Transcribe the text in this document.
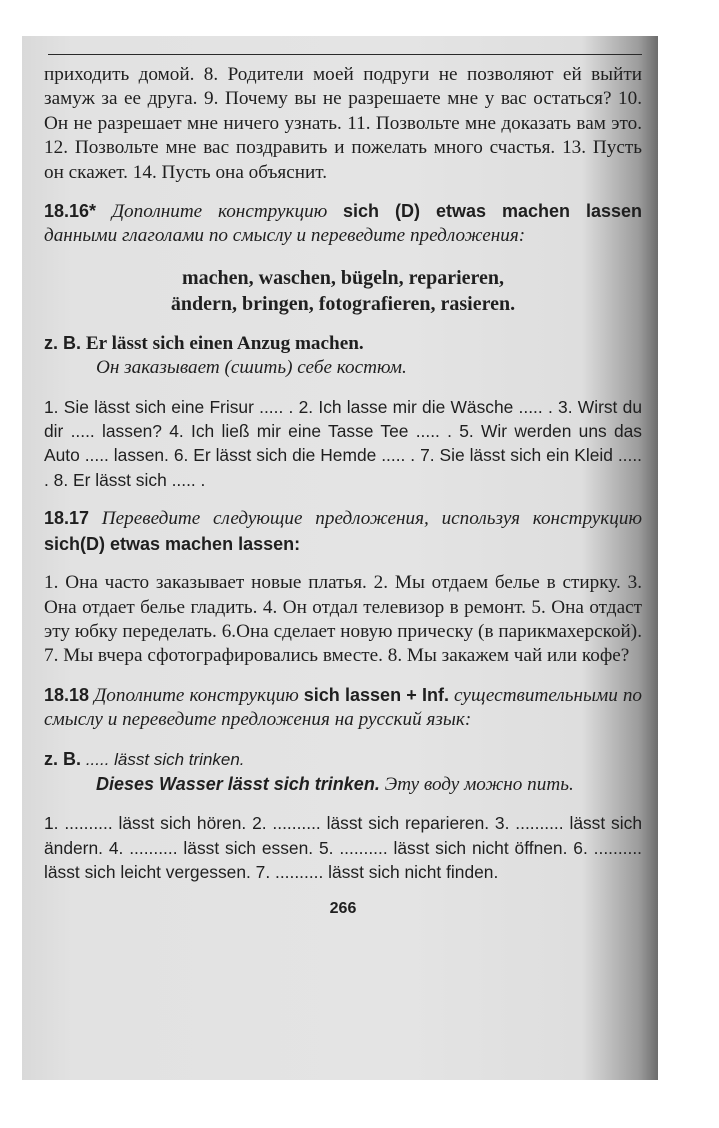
приходить домой. 8. Родители моей подруги не позволяют ей выйти замуж за ее друга. 9. Почему вы не разрешаете мне у вас остаться? 10. Он не разрешает мне ничего узнать. 11. Позвольте мне доказать вам это. 12. Позвольте мне вас поздравить и пожелать много счастья. 13. Пусть он скажет. 14. Пусть она объяснит.

18.16* Дополните конструкцию sich (D) etwas machen lassen данными глаголами по смыслу и переведите предложения:

machen, waschen, bügeln, reparieren,
ändern, bringen, fotografieren, rasieren.
z. B. Er lässt sich einen Anzug machen.
Он заказывает (сшить) себе костюм.

1. Sie lässt sich eine Frisur ..... . 2. Ich lasse mir die Wäsche ..... . 3. Wirst du dir ..... lassen? 4. Ich ließ mir eine Tasse Tee ..... . 5. Wir werden uns das Auto ..... lassen. 6. Er lässt sich die Hemde ..... . 7. Sie lässt sich ein Kleid ..... . 8. Er lässt sich ..... .

18.17 Переведите следующие предложения, используя конструкцию sich(D) etwas machen lassen:

1. Она часто заказывает новые платья. 2. Мы отдаем белье в стирку. 3. Она отдает белье гладить. 4. Он отдал телевизор в ремонт. 5. Она отдаст эту юбку переделать. 6.Она сделает новую прическу (в парикмахерской). 7. Мы вчера сфотографировались вместе. 8. Мы закажем чай или кофе?

18.18 Дополните конструкцию sich lassen + Inf. существительными по смыслу и переведите предложения на русский язык:

z. B. ..... lässt sich trinken.
Dieses Wasser lässt sich trinken. Эту воду можно пить.

1. .......... lässt sich hören. 2. .......... lässt sich reparieren. 3. .......... lässt sich ändern. 4. .......... lässt sich essen. 5. .......... lässt sich nicht öffnen. 6. .......... lässt sich leicht vergessen. 7. .......... lässt sich nicht finden.

266
